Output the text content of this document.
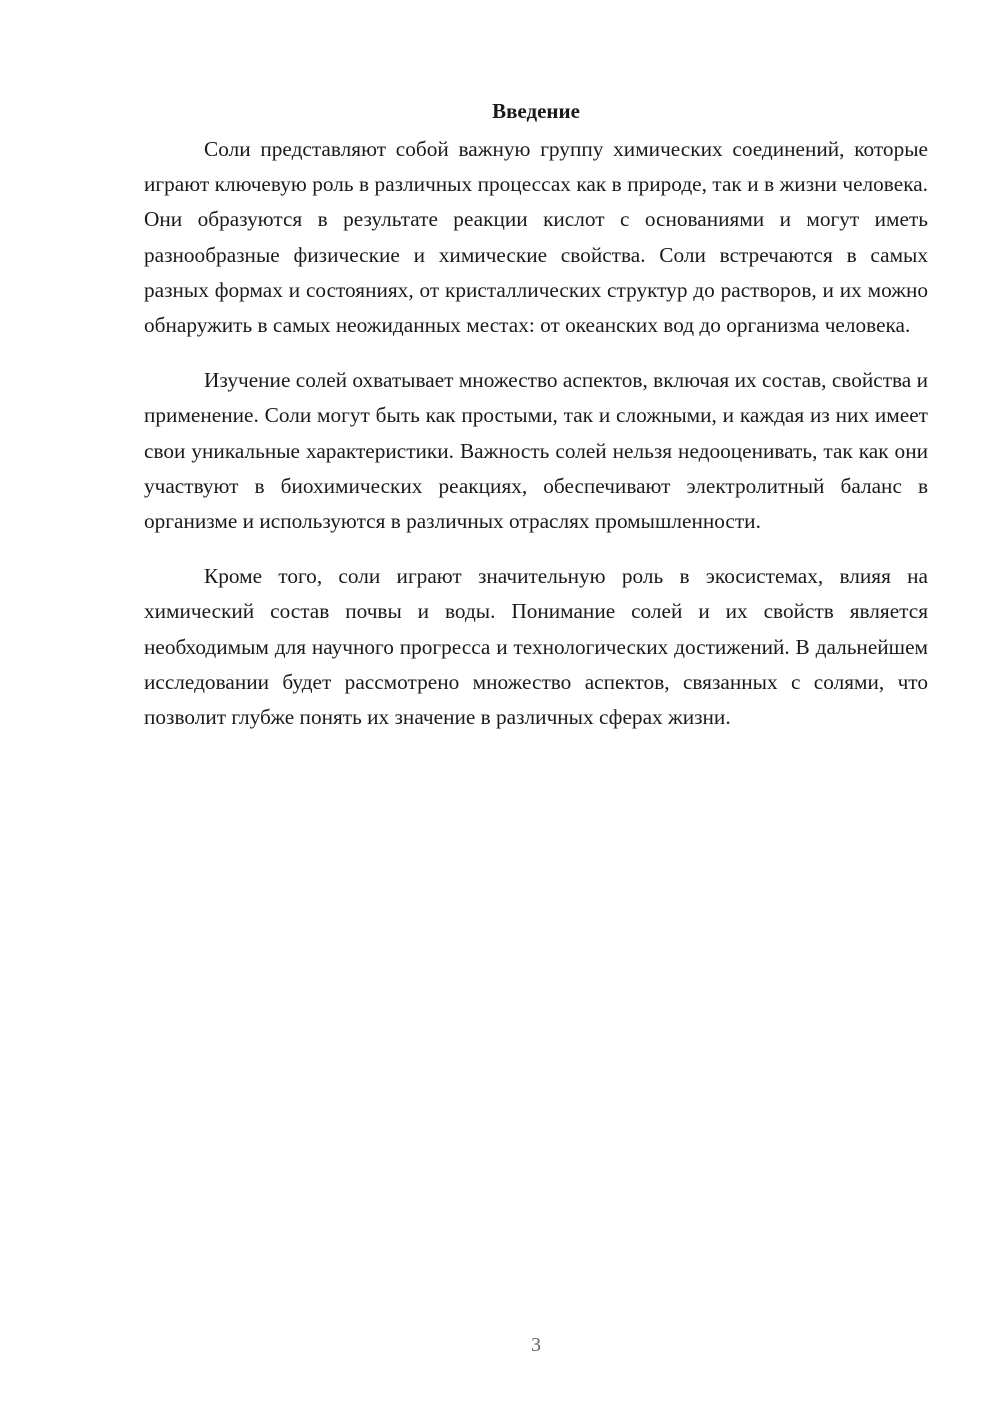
Введение

Соли представляют собой важную группу химических соединений, которые играют ключевую роль в различных процессах как в природе, так и в жизни человека. Они образуются в результате реакции кислот с основаниями и могут иметь разнообразные физические и химические свойства. Соли встречаются в самых разных формах и состояниях, от кристаллических структур до растворов, и их можно обнаружить в самых неожиданных местах: от океанских вод до организма человека.

Изучение солей охватывает множество аспектов, включая их состав, свойства и применение. Соли могут быть как простыми, так и сложными, и каждая из них имеет свои уникальные характеристики. Важность солей нельзя недооценивать, так как они участвуют в биохимических реакциях, обеспечивают электролитный баланс в организме и используются в различных отраслях промышленности.

Кроме того, соли играют значительную роль в экосистемах, влияя на химический состав почвы и воды. Понимание солей и их свойств является необходимым для научного прогресса и технологических достижений. В дальнейшем исследовании будет рассмотрено множество аспектов, связанных с солями, что позволит глубже понять их значение в различных сферах жизни.

3
